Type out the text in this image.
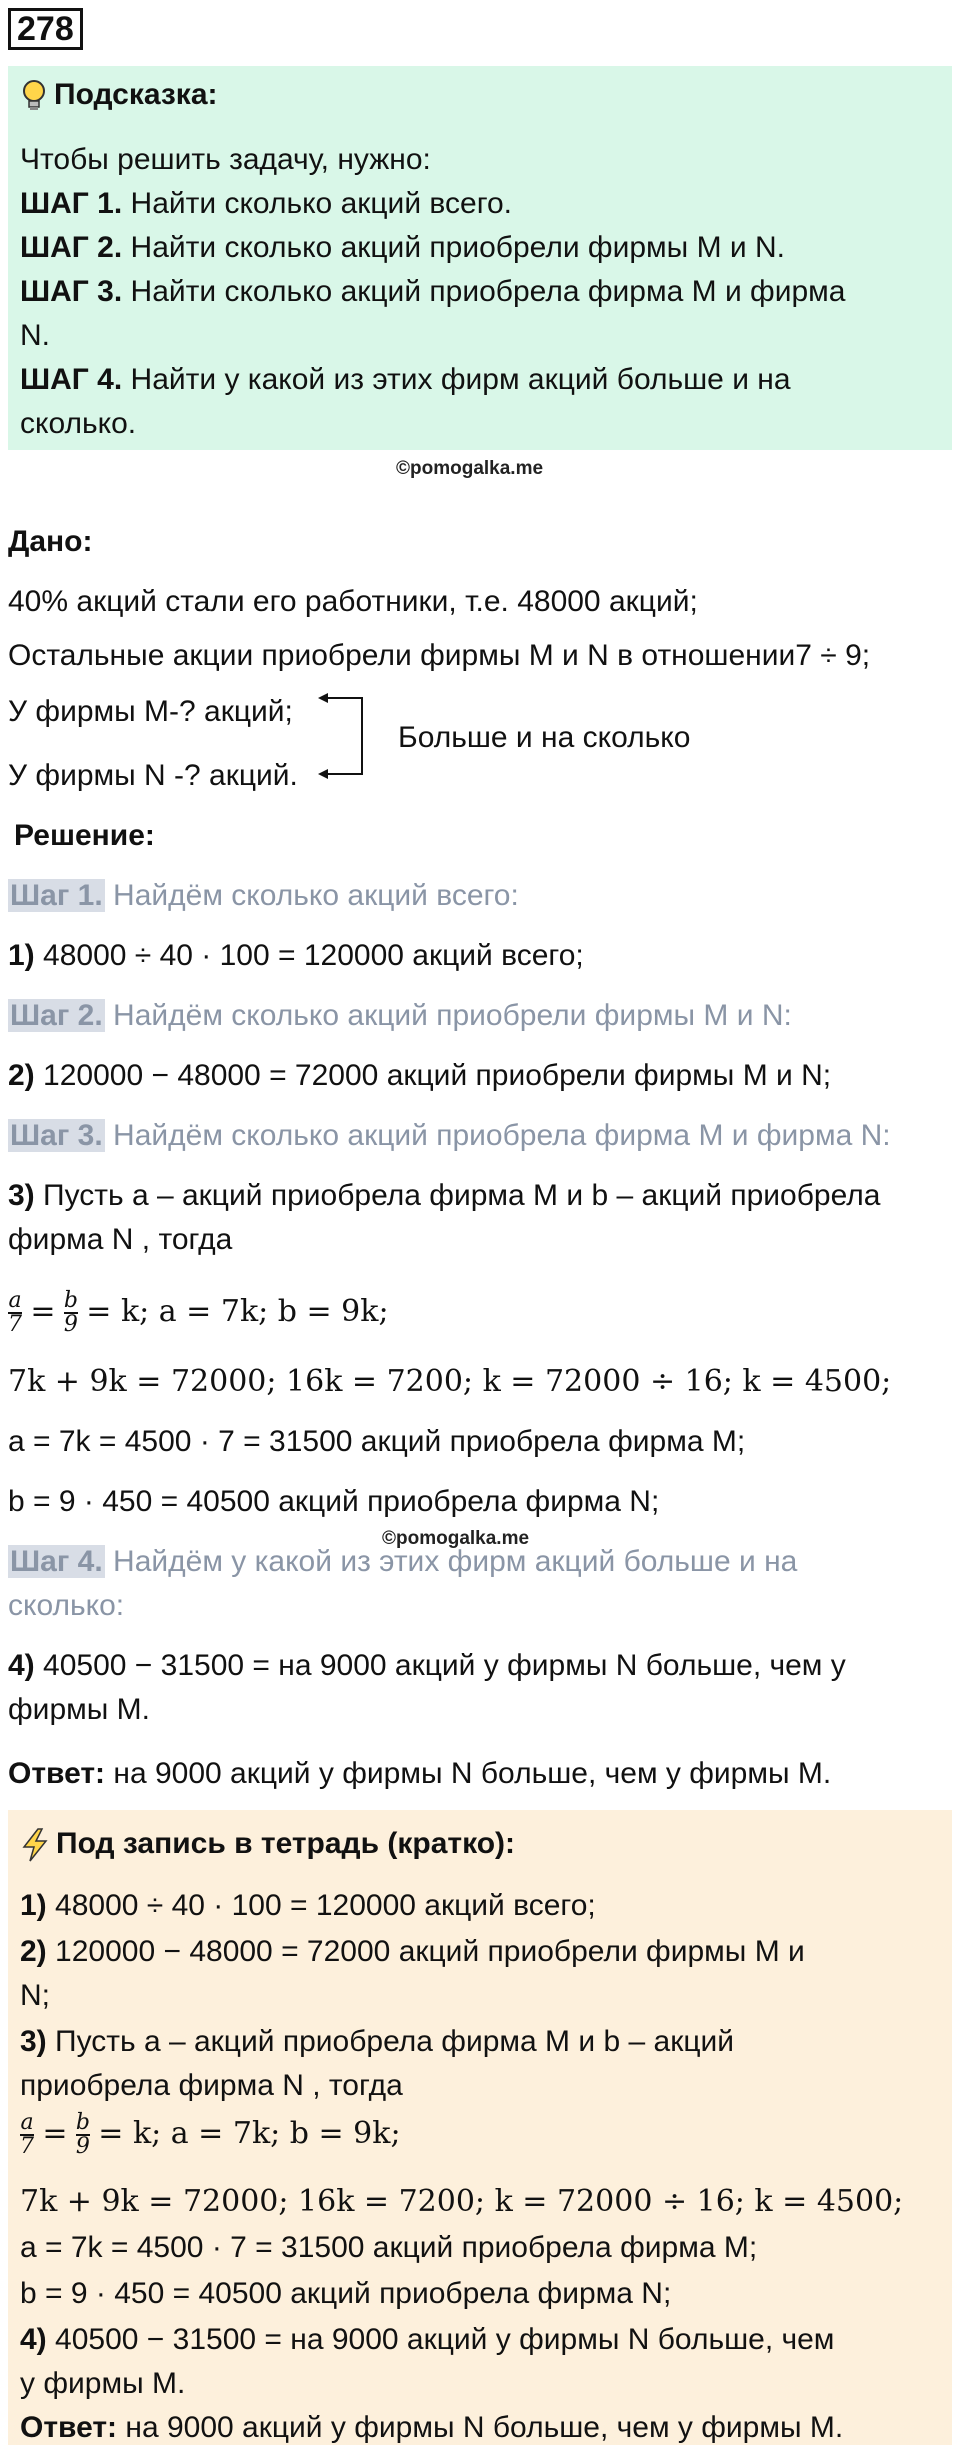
278
Подсказка:
Чтобы решить задачу, нужно:
ШАГ 1. Найти сколько акций всего.
ШАГ 2. Найти сколько акций приобрели фирмы M и N.
ШАГ 3. Найти сколько акций приобрела фирма M и фирма
N.
ШАГ 4. Найти у какой из этих фирм акций больше и на
сколько.
©pomogalka.me
Дано:
40% акций стали его работники, т.е. 48000 акций;
Остальные акции приобрели фирмы M и N в отношении7 ÷ 9;
У фирмы M-? акций;
У фирмы N -? акций.
Больше и на сколько
Решение:
Шаг 1. Найдём сколько акций всего:
1) 48000 ÷ 40 · 100 = 120000 акций всего;
Шаг 2. Найдём сколько акций приобрели фирмы M и N:
2) 120000 − 48000 = 72000 акций приобрели фирмы M и N;
Шаг 3. Найдём сколько акций приобрела фирма M и фирма N:
3) Пусть a – акций приобрела фирма M и b – акций приобрела
фирма N , тогда
$\frac{a}{7} = \frac{b}{9} = k$; a = 7k; b = 9k;
7k + 9k = 72000; 16k = 7200; k = 72000 ÷ 16; k = 4500;
a = 7k = 4500 · 7 = 31500 акций приобрела фирма M;
b = 9 · 450 = 40500 акций приобрела фирма N;
©pomogalka.me
Шаг 4. Найдём у какой из этих фирм акций больше и на
сколько:
4) 40500 − 31500 = на 9000 акций у фирмы N больше, чем у
фирмы M.
Ответ: на 9000 акций у фирмы N больше, чем у фирмы M.
Под запись в тетрадь (кратко):
1) 48000 ÷ 40 · 100 = 120000 акций всего;
2) 120000 − 48000 = 72000 акций приобрели фирмы M и
N;
3) Пусть a – акций приобрела фирма M и b – акций
приобрела фирма N , тогда
$\frac{a}{7} = \frac{b}{9} = k$; a = 7k; b = 9k;
7k + 9k = 72000; 16k = 7200; k = 72000 ÷ 16; k = 4500;
a = 7k = 4500 · 7 = 31500 акций приобрела фирма M;
b = 9 · 450 = 40500 акций приобрела фирма N;
4) 40500 − 31500 = на 9000 акций у фирмы N больше, чем
у фирмы M.
Ответ: на 9000 акций у фирмы N больше, чем у фирмы M.
